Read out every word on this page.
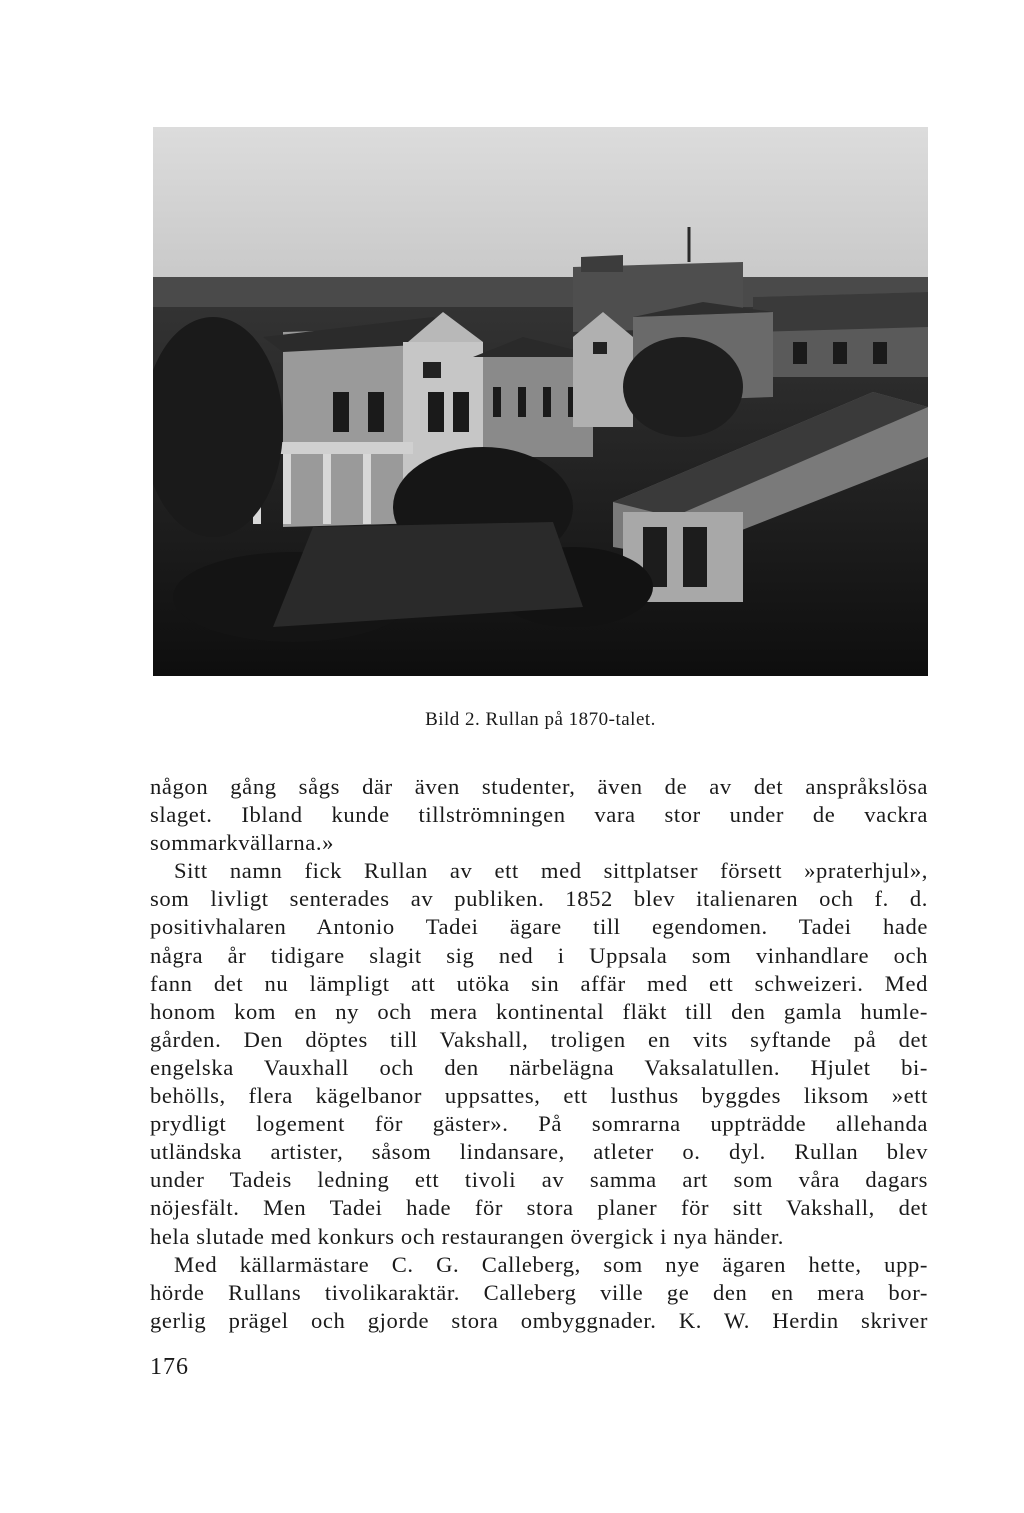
Bild 2. Rullan på 1870-talet.

någon gång sågs där även studenter, även de av det anspråkslösa
slaget. Ibland kunde tillströmningen vara stor under de vackra
sommarkvällarna.»

Sitt namn fick Rullan av ett med sittplatser försett »praterhjul»,
som livligt senterades av publiken. 1852 blev italienaren och f. d.
positivhalaren Antonio Tadei ägare till egendomen. Tadei hade
några år tidigare slagit sig ned i Uppsala som vinhandlare och
fann det nu lämpligt att utöka sin affär med ett schweizeri. Med
honom kom en ny och mera kontinental fläkt till den gamla humle-
gården. Den döptes till Vakshall, troligen en vits syftande på det
engelska Vauxhall och den närbelägna Vaksalatullen. Hjulet bi-
behölls, flera kägelbanor uppsattes, ett lusthus byggdes liksom »ett
prydligt logement för gäster». På somrarna uppträdde allehanda
utländska artister, såsom lindansare, atleter o. dyl. Rullan blev
under Tadeis ledning ett tivoli av samma art som våra dagars
nöjesfält. Men Tadei hade för stora planer för sitt Vakshall, det
hela slutade med konkurs och restaurangen övergick i nya händer.

Med källarmästare C. G. Calleberg, som nye ägaren hette, upp-
hörde Rullans tivolikaraktär. Calleberg ville ge den en mera bor-
gerlig prägel och gjorde stora ombyggnader. K. W. Herdin skriver

176
